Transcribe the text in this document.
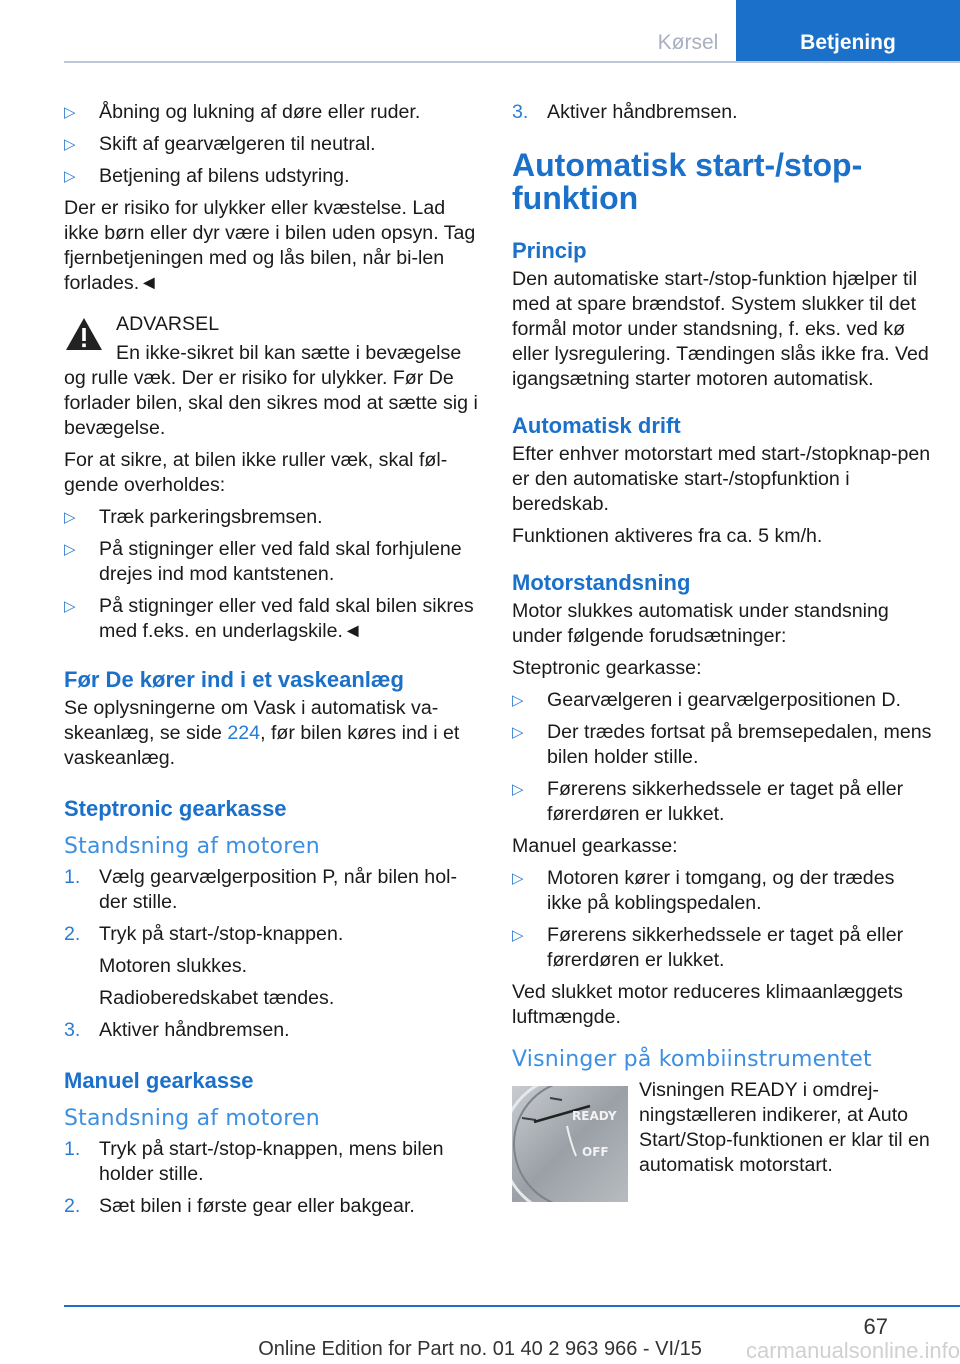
Kørsel	Betjening
▷ Åbning og lukning af døre eller ruder.
▷ Skift af gearvælgeren til neutral.
▷ Betjening af bilens udstyring.

Der er risiko for ulykker eller kvæstelse. Lad ikke børn eller dyr være i bilen uden opsyn. Tag fjernbetjeningen med og lås bilen, når bi-len forlades.◄

ADVARSEL

En ikke-sikret bil kan sætte i bevægelse og rulle væk. Der er risiko for ulykker. Før De forlader bilen, skal den sikres mod at sætte sig i bevægelse.

For at sikre, at bilen ikke ruller væk, skal føl-gende overholdes:

▷ Træk parkeringsbremsen.
▷ På stigninger eller ved fald skal forhjulene drejes ind mod kantstenen.
▷ På stigninger eller ved fald skal bilen sikres med f.eks. en underlagskile.◄
Før De kører ind i et vaskeanlæg

Se oplysningerne om Vask i automatisk va-skeanlæg, se side 224, før bilen køres ind i et vaskeanlæg.

Steptronic gearkasse
Standsning af motoren
1. Vælg gearvælgerposition P, når bilen hol-der stille.
2. Tryk på start-/stop-knappen.

Motoren slukkes.

Radioberedskabet tændes.

3. Aktiver håndbremsen.
Manuel gearkasse
Standsning af motoren
1. Tryk på start-/stop-knappen, mens bilen holder stille.
2. Sæt bilen i første gear eller bakgear.
3. Aktiver håndbremsen.
Automatisk start-/stop-funktion
Princip

Den automatiske start-/stop-funktion hjælper til med at spare brændstof. System slukker til det formål motor under standsning, f. eks. ved kø eller lysregulering. Tændingen slås ikke fra. Ved igangsætning starter motoren automatisk.

Automatisk drift

Efter enhver motorstart med start-/stopknap-pen er den automatiske start-/stopfunktion i beredskab.

Funktionen aktiveres fra ca. 5 km/h.

Motorstandsning

Motor slukkes automatisk under standsning under følgende forudsætninger:

Steptronic gearkasse:

▷ Gearvælgeren i gearvælgerpositionen D.
▷ Der trædes fortsat på bremsepedalen, mens bilen holder stille.
▷ Førerens sikkerhedssele er taget på eller førerdøren er lukket.

Manuel gearkasse:

▷ Motoren kører i tomgang, og der trædes ikke på koblingspedalen.
▷ Førerens sikkerhedssele er taget på eller førerdøren er lukket.

Ved slukket motor reduceres klimaanlæggets luftmængde.

Visninger på kombiinstrumentet
READY
OFF

Visningen READY i omdrej-ningstælleren indikerer, at Auto Start/Stop-funktionen er klar til en automatisk motorstart.

67
Online Edition for Part no. 01 40 2 963 966 - VI/15	carmanualsonline.info
